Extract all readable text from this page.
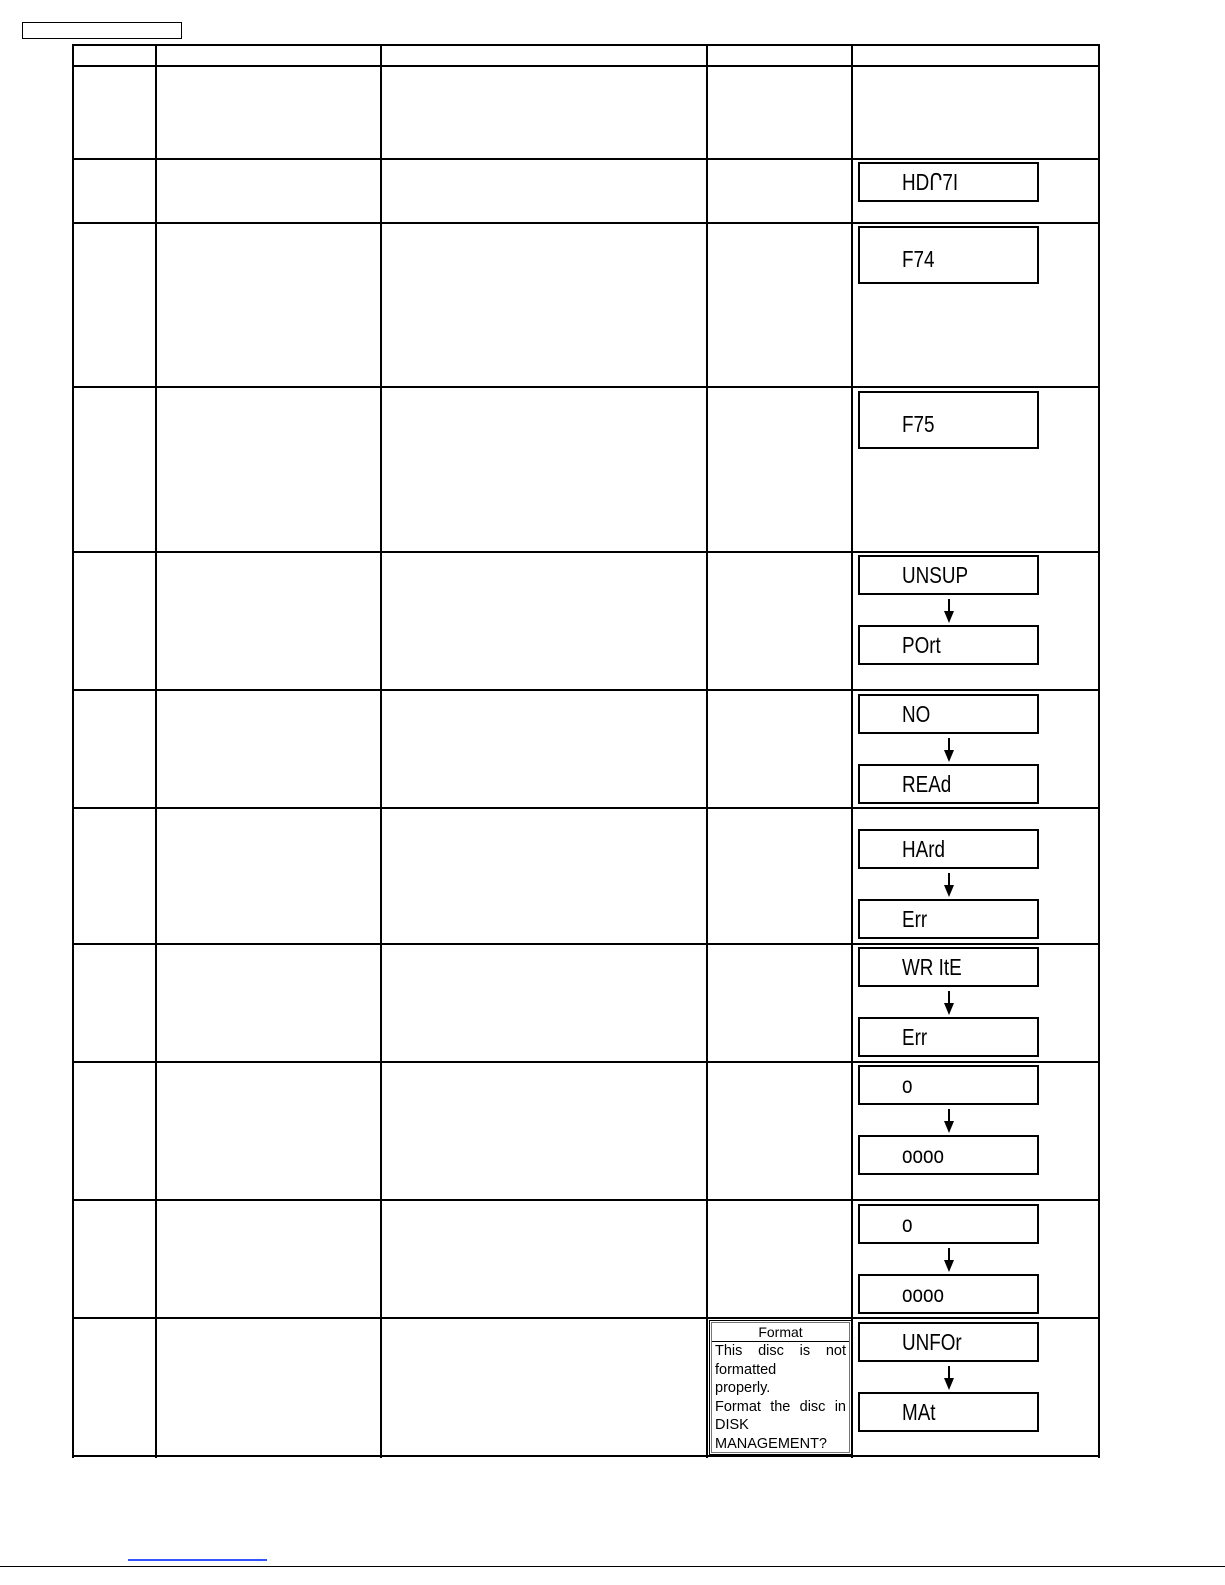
HDՐ7I
F74
F75
UNSUP
POrt
NO
REAd
HArd
Err
WR ItE
Err
o
oooo
o
oooo
Format
This disc is not
formatted
properly.
Format the disc in
DISK
MANAGEMENT?
UNFOr
MAt
